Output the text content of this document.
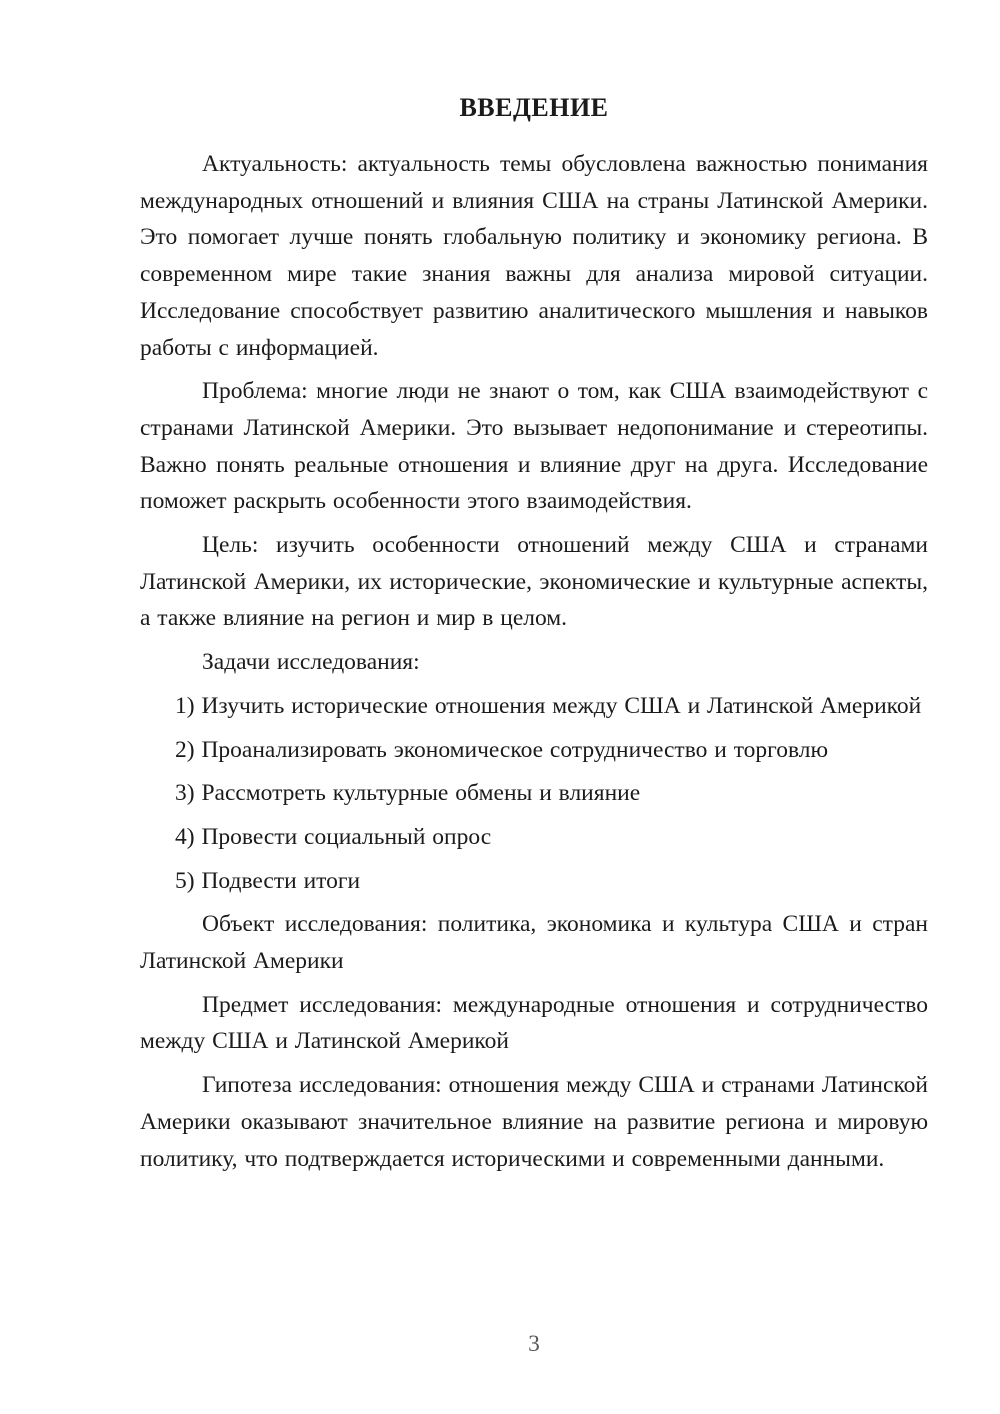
ВВЕДЕНИЕ

Актуальность: актуальность темы обусловлена важностью понимания международных отношений и влияния США на страны Латинской Америки. Это помогает лучше понять глобальную политику и экономику региона. В современном мире такие знания важны для анализа мировой ситуации. Исследование способствует развитию аналитического мышления и навыков работы с информацией.

Проблема: многие люди не знают о том, как США взаимодействуют с странами Латинской Америки. Это вызывает недопонимание и стереотипы. Важно понять реальные отношения и влияние друг на друга. Исследование поможет раскрыть особенности этого взаимодействия.

Цель: изучить особенности отношений между США и странами Латинской Америки, их исторические, экономические и культурные аспекты, а также влияние на регион и мир в целом.

Задачи исследования:

1) Изучить исторические отношения между США и Латинской Америкой

2) Проанализировать экономическое сотрудничество и торговлю

3) Рассмотреть культурные обмены и влияние

4) Провести социальный опрос

5) Подвести итоги

Объект исследования: политика, экономика и культура США и стран Латинской Америки

Предмет исследования: международные отношения и сотрудничество между США и Латинской Америкой

Гипотеза исследования: отношения между США и странами Латинской Америки оказывают значительное влияние на развитие региона и мировую политику, что подтверждается историческими и современными данными.

3
